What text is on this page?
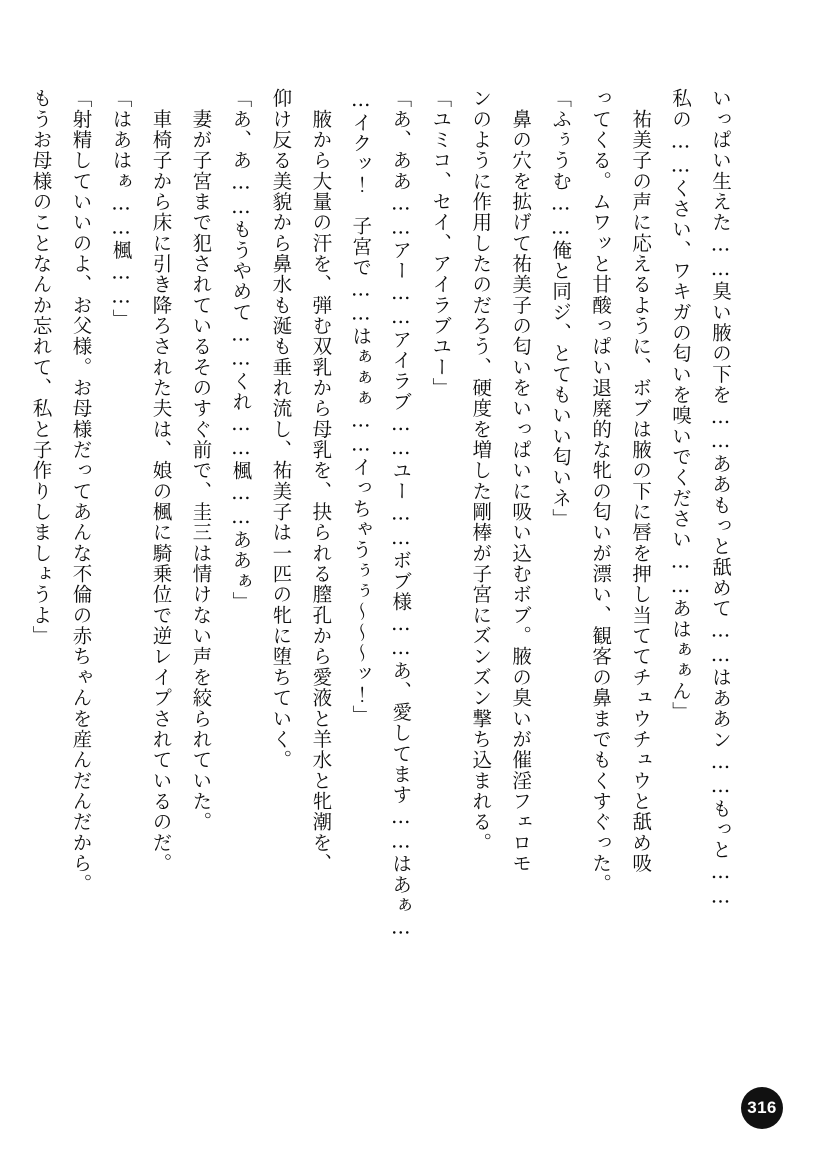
いっぱい生えた……臭い腋の下を……ああもっと舐めて……はああン……もっと……
私の……くさい、ワキガの匂いを嗅いでください……あはぁぁん」
　祐美子の声に応えるように、ボブは腋の下に唇を押し当ててチュウチュウと舐め吸
ってくる。ムワッと甘酸っぱい退廃的な牝の匂いが漂い、観客の鼻までもくすぐった。
「ふぅうむ……俺と同ジ、とてもいい匂いネ」
　鼻の穴を拡げて祐美子の匂いをいっぱいに吸い込むボブ。腋の臭いが催淫フェロモ
ンのように作用したのだろう、硬度を増した剛棒が子宮にズンズン撃ち込まれる。
「ユミコ、セイ、アイラブユー」
「あ、ああ……アー……アイラブ……ユー……ボブ様……あ、愛してます……はあぁ…
…イクッ！　子宮で……はぁぁぁ……イっちゃうぅぅ～～～ッ！」
　腋から大量の汗を、弾む双乳から母乳を、抉られる膣孔から愛液と羊水と牝潮を、
仰け反る美貌から鼻水も涎も垂れ流し、祐美子は一匹の牝に堕ちていく。
「あ、あ……もうやめて……くれ……楓……ああぁ」
　妻が子宮まで犯されているそのすぐ前で、圭三は情けない声を絞られていた。
　車椅子から床に引き降ろされた夫は、娘の楓に騎乗位で逆レイプされているのだ。
「はあはぁ……楓……」
「射精していいのよ、お父様。お母様だってあんな不倫の赤ちゃんを産んだんだから。
もうお母様のことなんか忘れて、私と子作りしましょうよ」
316
